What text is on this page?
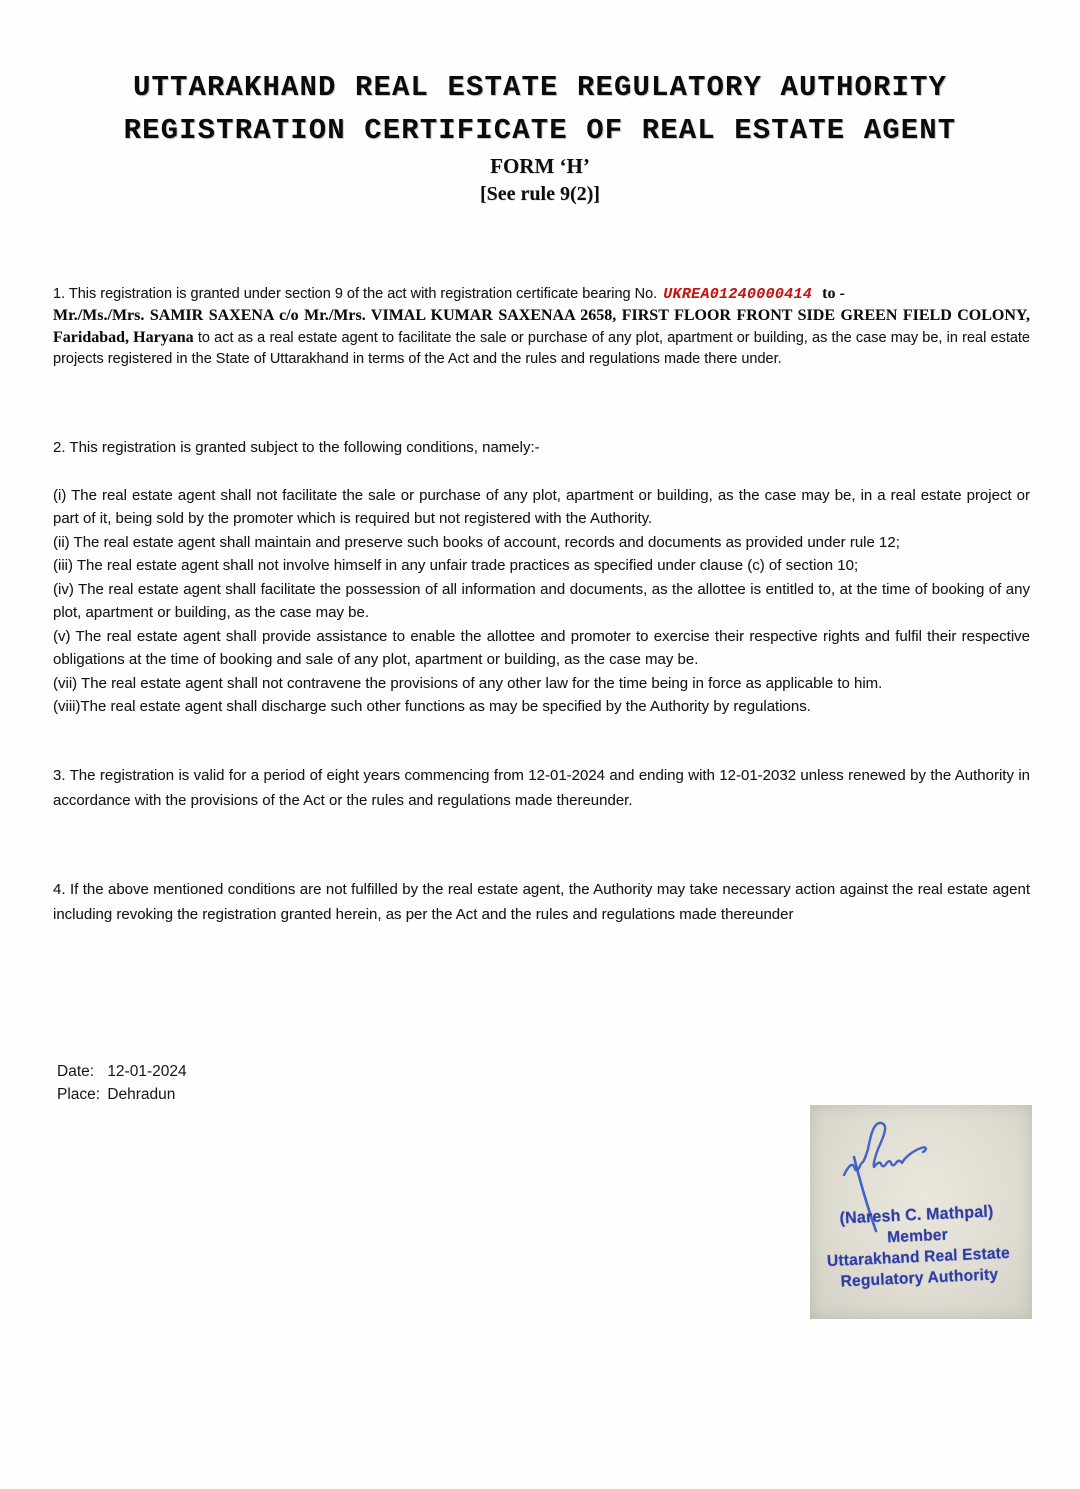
UTTARAKHAND REAL ESTATE REGULATORY AUTHORITY
REGISTRATION CERTIFICATE OF REAL ESTATE AGENT
FORM ‘H’
[See rule 9(2)]

1. This registration is granted under section 9 of the act with registration certificate bearing No. UKREA01240000414 to -
Mr./Ms./Mrs. SAMIR SAXENA c/o Mr./Mrs. VIMAL KUMAR SAXENAA 2658, FIRST FLOOR FRONT SIDE GREEN FIELD COLONY, Faridabad, Haryana to act as a real estate agent to facilitate the sale or purchase of any plot, apartment or building, as the case may be, in real estate projects registered in the State of Uttarakhand in terms of the Act and the rules and regulations made there under.

2. This registration is granted subject to the following conditions, namely:-

(i) The real estate agent shall not facilitate the sale or purchase of any plot, apartment or building, as the case may be, in a real estate project or part of it, being sold by the promoter which is required but not registered with the Authority.

(ii) The real estate agent shall maintain and preserve such books of account, records and documents as provided under rule 12;

(iii) The real estate agent shall not involve himself in any unfair trade practices as specified under clause (c) of section 10;

(iv) The real estate agent shall facilitate the possession of all information and documents, as the allottee is entitled to, at the time of booking of any plot, apartment or building, as the case may be.

(v) The real estate agent shall provide assistance to enable the allottee and promoter to exercise their respective rights and fulfil their respective obligations at the time of booking and sale of any plot, apartment or building, as the case may be.

(vii) The real estate agent shall not contravene the provisions of any other law for the time being in force as applicable to him.

(viii)The real estate agent shall discharge such other functions as may be specified by the Authority by regulations.

3. The registration is valid for a period of eight years commencing from 12-01-2024 and ending with 12-01-2032 unless renewed by the Authority in accordance with the provisions of the Act or the rules and regulations made thereunder.

4. If the above mentioned conditions are not fulfilled by the real estate agent, the Authority may take necessary action against the real estate agent including revoking the registration granted herein, as per the Act and the rules and regulations made thereunder

Date: 12-01-2024
Place: Dehradun
(Naresh C. Mathpal)
Member
Uttarakhand Real Estate
Regulatory Authority
